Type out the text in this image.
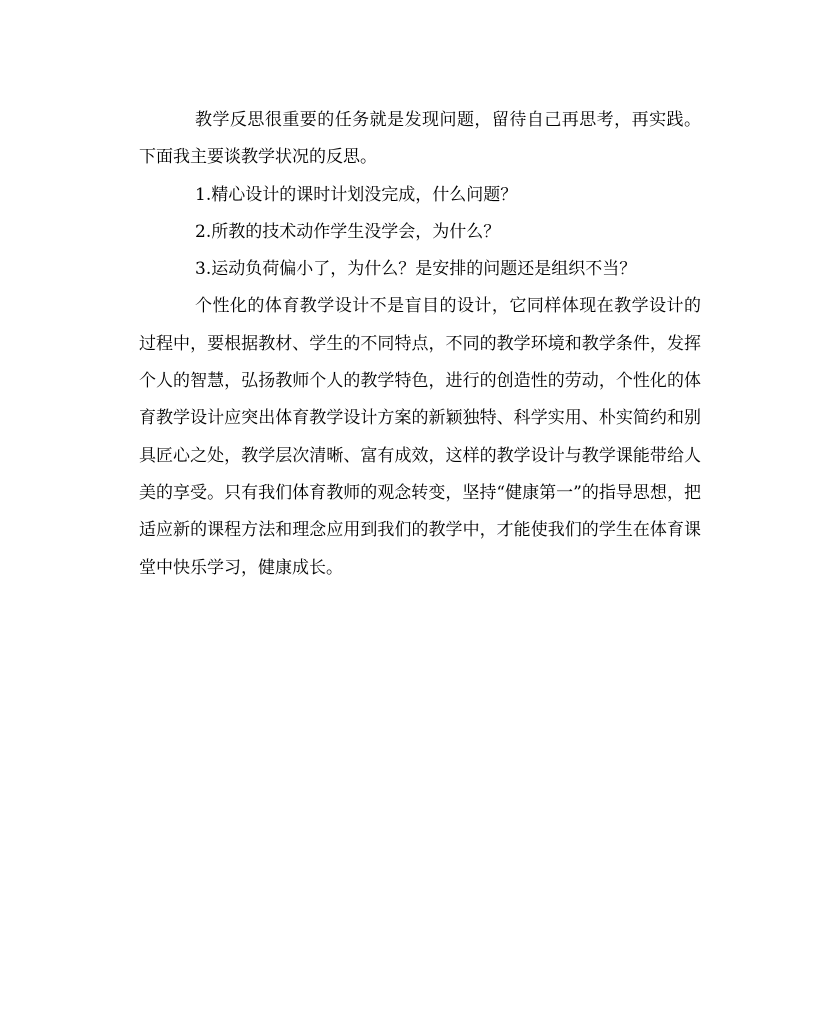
教学反思很重要的任务就是发现问题，留待自己再思考，再实践。下面我主要谈教学状况的反思。

1.精心设计的课时计划没完成，什么问题？

2.所教的技术动作学生没学会，为什么？

3.运动负荷偏小了，为什么？是安排的问题还是组织不当？

个性化的体育教学设计不是盲目的设计，它同样体现在教学设计的过程中，要根据教材、学生的不同特点，不同的教学环境和教学条件，发挥个人的智慧，弘扬教师个人的教学特色，进行的创造性的劳动，个性化的体育教学设计应突出体育教学设计方案的新颖独特、科学实用、朴实简约和别具匠心之处，教学层次清晰、富有成效，这样的教学设计与教学课能带给人美的享受。只有我们体育教师的观念转变，坚持“健康第一”的指导思想，把适应新的课程方法和理念应用到我们的教学中，才能使我们的学生在体育课堂中快乐学习，健康成长。
